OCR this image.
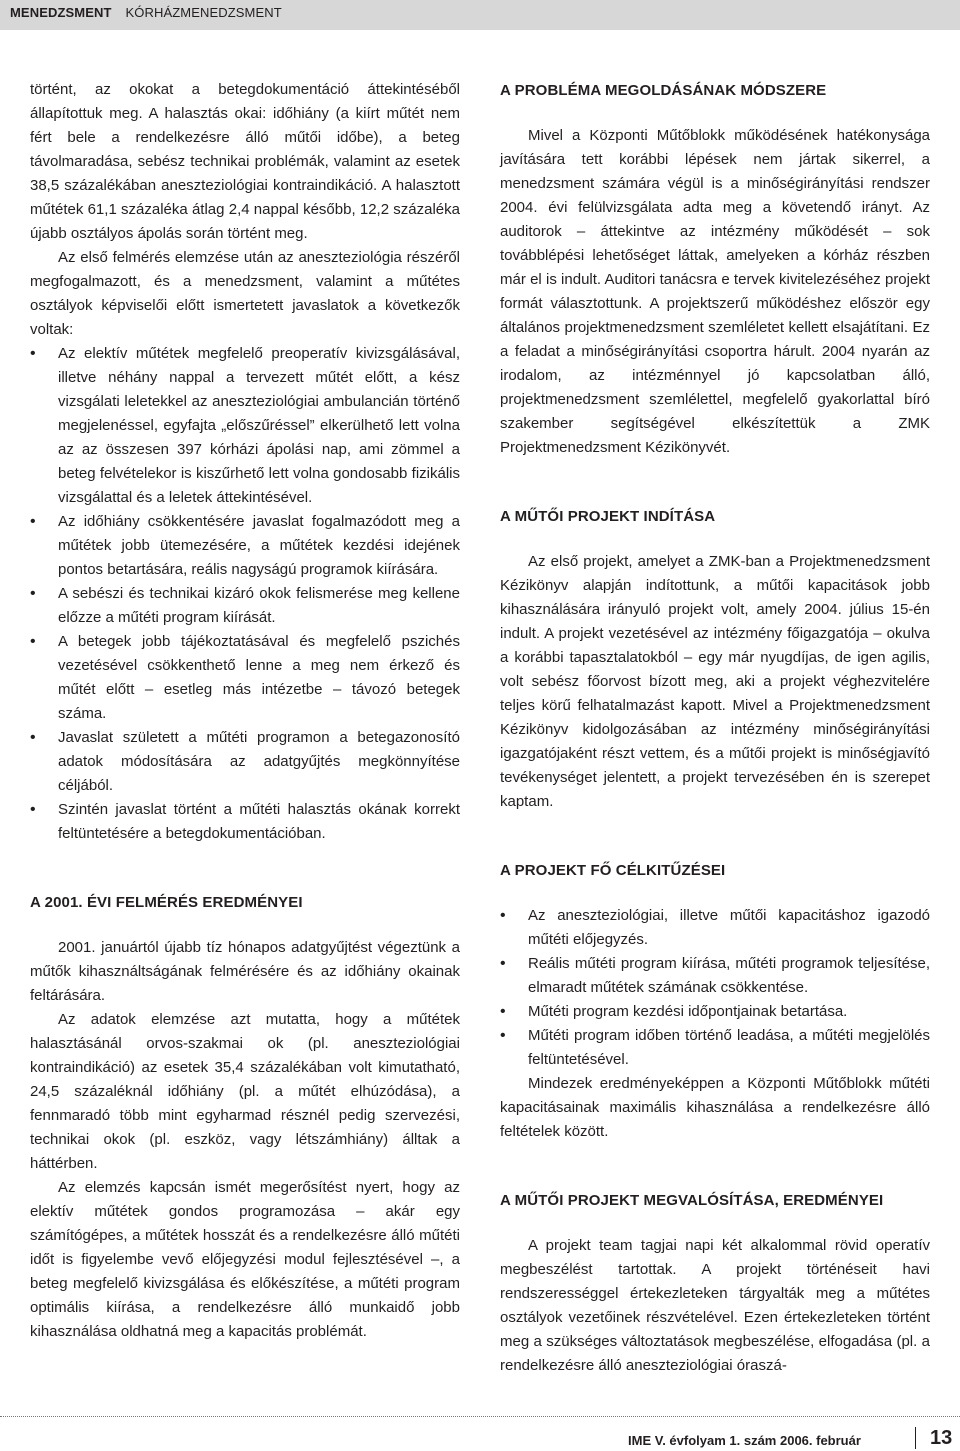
MENEDZSMENT KÓRHÁZMENEDZSMENT

történt, az okokat a betegdokumentáció áttekintéséből állapítottuk meg. A halasztás okai: időhiány (a kiírt műtét nem fért bele a rendelkezésre álló műtői időbe), a beteg távolmaradása, sebész technikai problémák, valamint az esetek 38,5 százalékában aneszteziológiai kontraindikáció. A halasztott műtétek 61,1 százaléka átlag 2,4 nappal később, 12,2 százaléka újabb osztályos ápolás során történt meg.

Az első felmérés elemzése után az aneszteziológia részéről megfogalmazott, és a menedzsment, valamint a műtétes osztályok képviselői előtt ismertetett javaslatok a következők voltak:

• Az elektív műtétek megfelelő preoperatív kivizsgálásával, illetve néhány nappal a tervezett műtét előtt, a kész vizsgálati leletekkel az aneszteziológiai ambulancián történő megjelenéssel, egyfajta „előszűréssel” elkerülhető lett volna az az összesen 397 kórházi ápolási nap, ami zömmel a beteg felvételekor is kiszűrhető lett volna gondosabb fizikális vizsgálattal és a leletek áttekintésével.
• Az időhiány csökkentésére javaslat fogalmazódott meg a műtétek jobb ütemezésére, a műtétek kezdési idejének pontos betartására, reális nagyságú programok kiírására.
• A sebészi és technikai kizáró okok felismerése meg kellene előzze a műtéti program kiírását.
• A betegek jobb tájékoztatásával és megfelelő pszichés vezetésével csökkenthető lenne a meg nem érkező és műtét előtt – esetleg más intézetbe – távozó betegek száma.
• Javaslat született a műtéti programon a betegazonosító adatok módosítására az adatgyűjtés megkönnyítése céljából.
• Szintén javaslat történt a műtéti halasztás okának korrekt feltüntetésére a betegdokumentációban.
A 2001. ÉVI FELMÉRÉS EREDMÉNYEI

2001. januártól újabb tíz hónapos adatgyűjtést végeztünk a műtők kihasználtságának felmérésére és az időhiány okainak feltárására.

Az adatok elemzése azt mutatta, hogy a műtétek halasztásánál orvos-szakmai ok (pl. aneszteziológiai kontraindikáció) az esetek 35,4 százalékában volt kimutatható, 24,5 százaléknál időhiány (pl. a műtét elhúzódása), a fennmaradó több mint egyharmad résznél pedig szervezési, technikai okok (pl. eszköz, vagy létszámhiány) álltak a háttérben.

Az elemzés kapcsán ismét megerősítést nyert, hogy az elektív műtétek gondos programozása – akár egy számítógépes, a műtétek hosszát és a rendelkezésre álló műtéti időt is figyelembe vevő előjegyzési modul fejlesztésével –, a beteg megfelelő kivizsgálása és előkészítése, a műtéti program optimális kiírása, a rendelkezésre álló munkaidő jobb kihasználása oldhatná meg a kapacitás problémát.

A PROBLÉMA MEGOLDÁSÁNAK MÓDSZERE

Mivel a Központi Műtőblokk működésének hatékonysága javítására tett korábbi lépések nem jártak sikerrel, a menedzsment számára végül is a minőségirányítási rendszer 2004. évi felülvizsgálata adta meg a követendő irányt. Az auditorok – áttekintve az intézmény működését – sok továbblépési lehetőséget láttak, amelyeken a kórház részben már el is indult. Auditori tanácsra e tervek kivitelezéséhez projekt formát választottunk. A projektszerű működéshez először egy általános projektmenedzsment szemléletet kellett elsajátítani. Ez a feladat a minőségirányítási csoportra hárult. 2004 nyarán az irodalom, az intézménnyel jó kapcsolatban álló, projektmenedzsment szemlélettel, megfelelő gyakorlattal bíró szakember segítségével elkészítettük a ZMK Projektmenedzsment Kézikönyvét.

A MŰTŐI PROJEKT INDÍTÁSA

Az első projekt, amelyet a ZMK-ban a Projektmenedzsment Kézikönyv alapján indítottunk, a műtői kapacitások jobb kihasználására irányuló projekt volt, amely 2004. július 15-én indult. A projekt vezetésével az intézmény főigazgatója – okulva a korábbi tapasztalatokból – egy már nyugdíjas, de igen agilis, volt sebész főorvost bízott meg, aki a projekt véghezvitelére teljes körű felhatalmazást kapott. Mivel a Projektmenedzsment Kézikönyv kidolgozásában az intézmény minőségirányítási igazgatójaként részt vettem, és a műtői projekt is minőségjavító tevékenységet jelentett, a projekt tervezésében én is szerepet kaptam.

A PROJEKT FŐ CÉLKITŰZÉSEI
• Az aneszteziológiai, illetve műtői kapacitáshoz igazodó műtéti előjegyzés.
• Reális műtéti program kiírása, műtéti programok teljesítése, elmaradt műtétek számának csökkentése.
• Műtéti program kezdési időpontjainak betartása.
• Műtéti program időben történő leadása, a műtéti megjelölés feltüntetésével.

Mindezek eredményeképpen a Központi Műtőblokk műtéti kapacitásainak maximális kihasználása a rendelkezésre álló feltételek között.

A MŰTŐI PROJEKT MEGVALÓSÍTÁSA, EREDMÉNYEI

A projekt team tagjai napi két alkalommal rövid operatív megbeszélést tartottak. A projekt történéseit havi rendszerességgel értekezleteken tárgyalták meg a műtétes osztályok vezetőinek részvételével. Ezen értekezleteken történt meg a szükséges változtatások megbeszélése, elfogadása (pl. a rendelkezésre álló aneszteziológiai óraszá-

IME V. évfolyam 1. szám 2006. február	13
